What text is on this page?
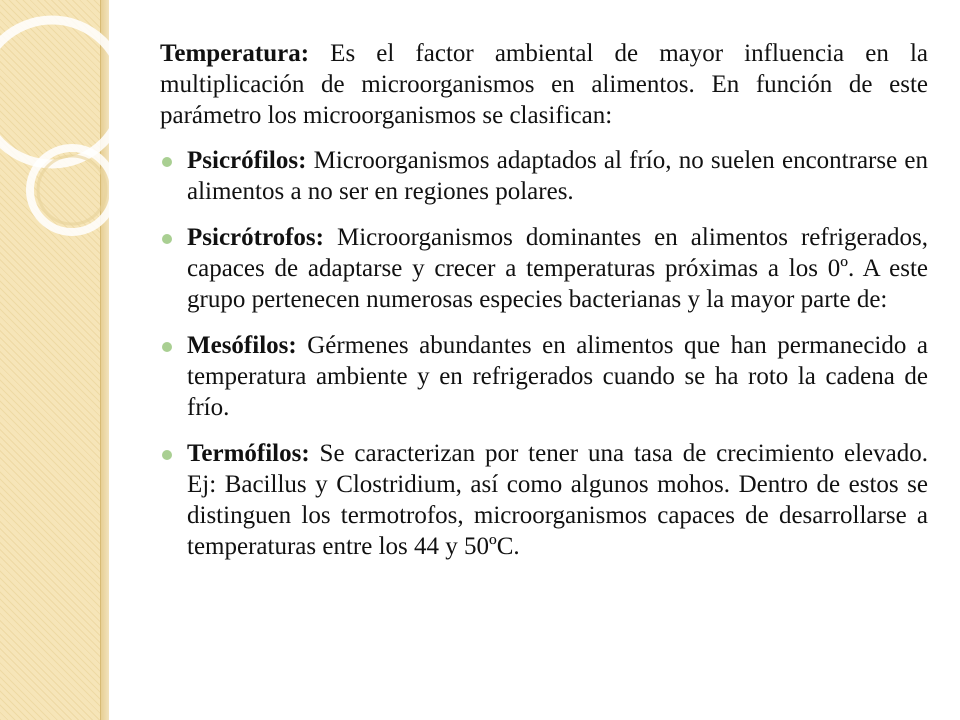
Temperatura: Es el factor ambiental de mayor influencia en la multiplicación de microorganismos en alimentos. En función de este parámetro los microorganismos se clasifican:

Psicrófilos: Microorganismos adaptados al frío, no suelen encontrarse en alimentos a no ser en regiones polares.
Psicrótrofos: Microorganismos dominantes en alimentos refrigerados, capaces de adaptarse y crecer a temperaturas próximas a los 0º. A este grupo pertenecen numerosas especies bacterianas y la mayor parte de:
Mesófilos: Gérmenes abundantes en alimentos que han permanecido a temperatura ambiente y en refrigerados cuando se ha roto la cadena de frío.
Termófilos: Se caracterizan por tener una tasa de crecimiento elevado. Ej: Bacillus y Clostridium, así como algunos mohos. Dentro de estos se distinguen los termotrofos, microorganismos capaces de desarrollarse a temperaturas entre los 44 y 50ºC.
